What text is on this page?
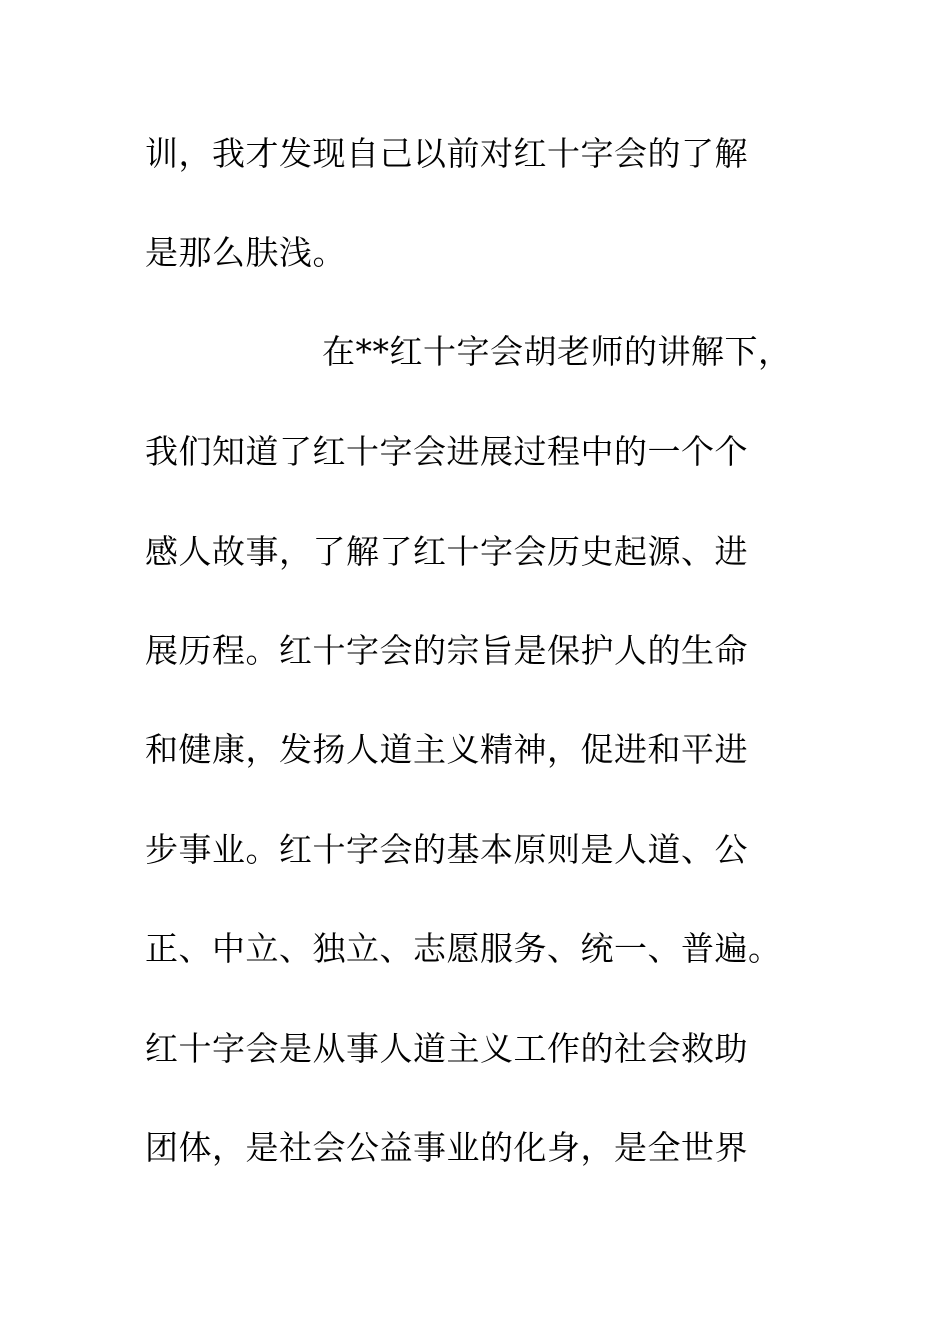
训，我才发现自己以前对红十字会的了解
是那么肤浅。
在**红十字会胡老师的讲解下，
我们知道了红十字会进展过程中的一个个
感人故事，了解了红十字会历史起源、进
展历程。红十字会的宗旨是保护人的生命
和健康，发扬人道主义精神，促进和平进
步事业。红十字会的基本原则是人道、公
正、中立、独立、志愿服务、统一、普遍。
红十字会是从事人道主义工作的社会救助
团体，是社会公益事业的化身，是全世界
